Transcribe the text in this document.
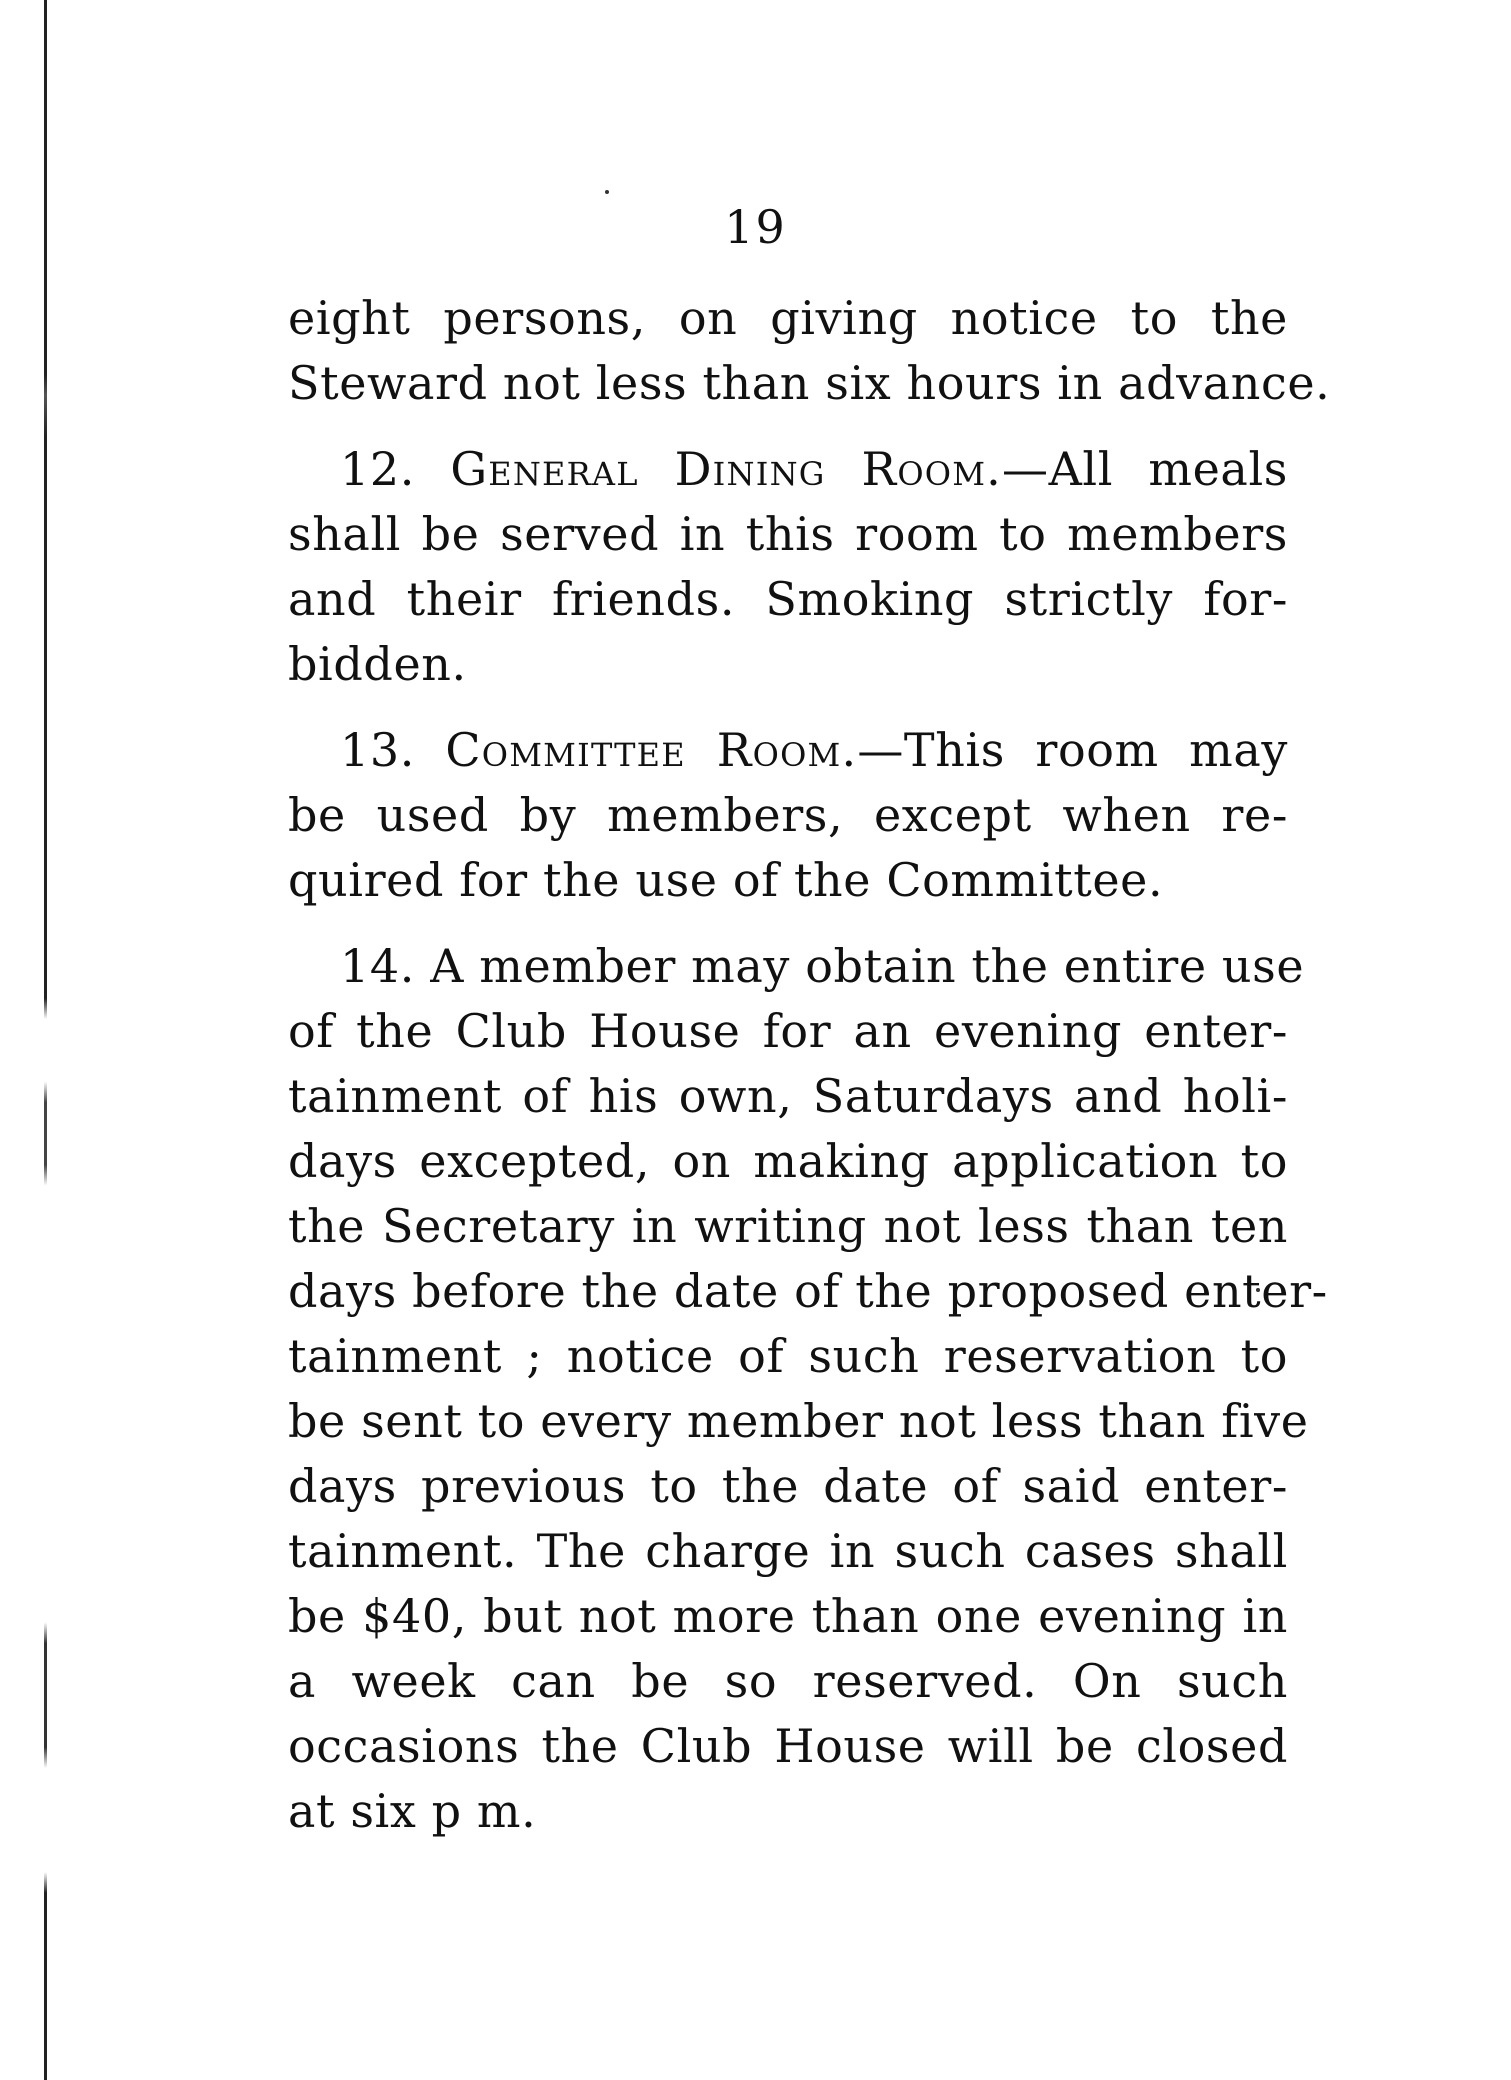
19
eight persons, on giving notice to the
Steward not less than six hours in advance.
12. General Dining Room.—All meals
shall be served in this room to members
and their friends. Smoking strictly for-
bidden.
13. Committee Room.—This room may
be used by members, except when re-
quired for the use of the Committee.
14. A member may obtain the entire use
of the Club House for an evening enter-
tainment of his own, Saturdays and holi-
days excepted, on making application to
the Secretary in writing not less than ten
days before the date of the proposed enter-
tainment ; notice of such reservation to
be sent to every member not less than five
days previous to the date of said enter-
tainment. The charge in such cases shall
be $40, but not more than one evening in
a week can be so reserved. On such
occasions the Club House will be closed
at six p m.
